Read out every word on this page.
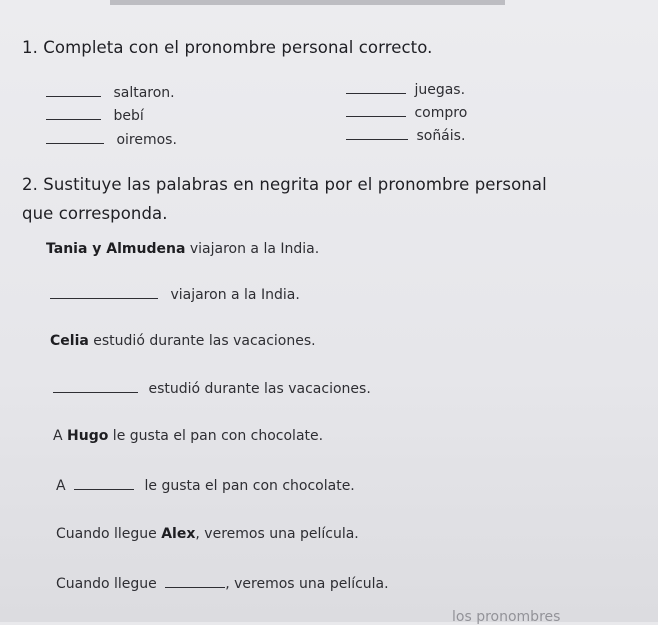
1. Completa con el pronombre personal correcto.
saltaron.
bebí
oiremos.
juegas.
compro
soñáis.
2. Sustituye las palabras en negrita por el pronombre personal
que corresponda.
Tania y Almudena viajaron a la India.
viajaron a la India.
Celia estudió durante las vacaciones.
estudió durante las vacaciones.
A Hugo le gusta el pan con chocolate.
A	le gusta el pan con chocolate.
Cuando llegue Alex, veremos una película.
Cuando llegue	, veremos una película.
los pronombres
